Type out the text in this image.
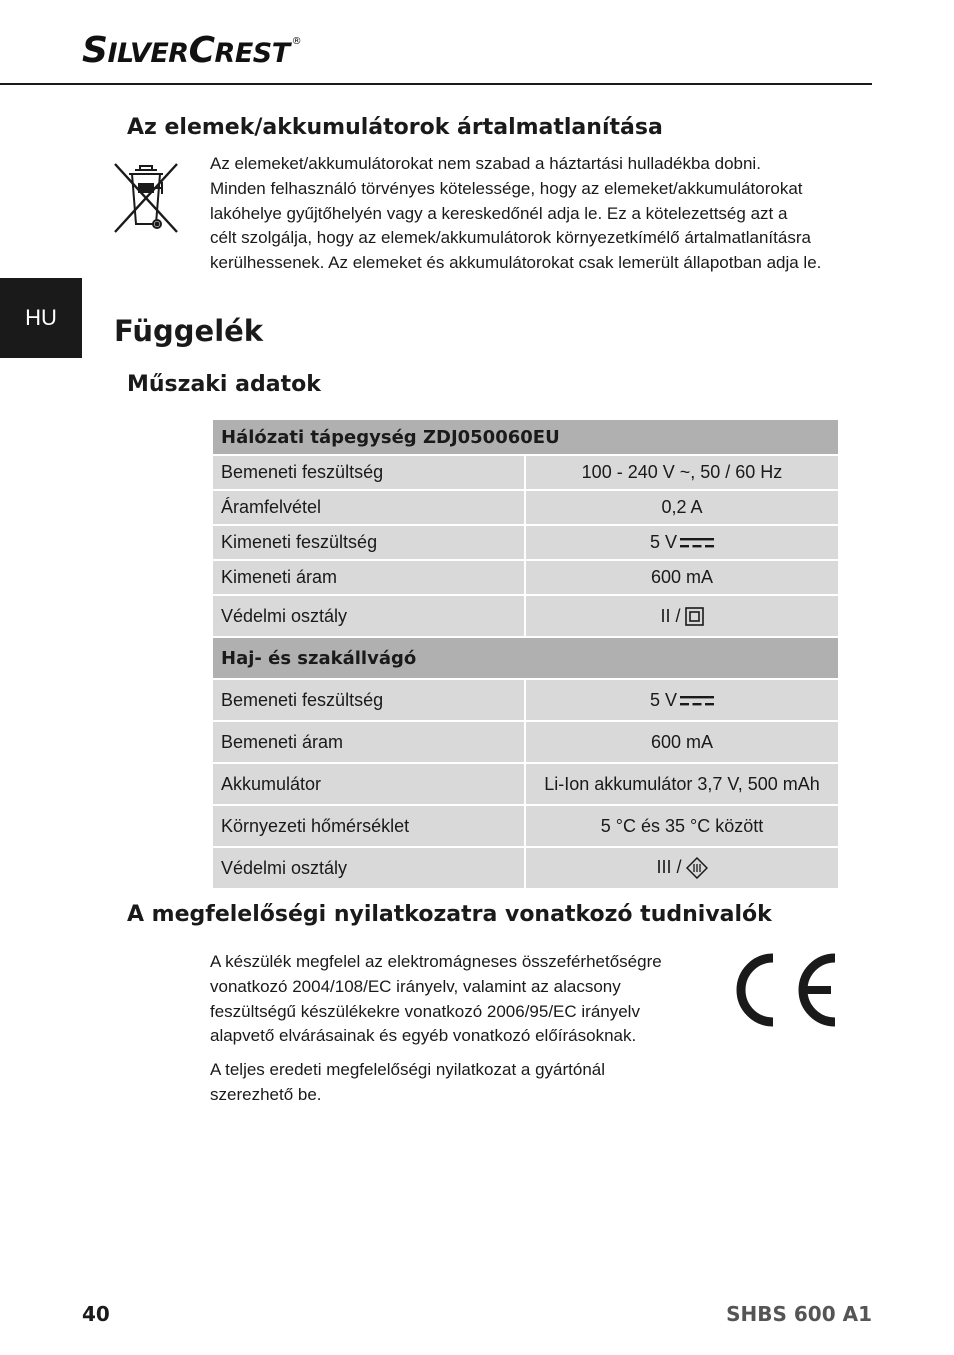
SILVERCREST ®
HU
Az elemek/akkumulátorok ártalmatlanítása
Az elemeket/akkumulátorokat nem szabad a háztartási hulladékba dobni.
Minden felhasználó törvényes kötelessége, hogy az elemeket/akkumulátorokat
lakóhelye gyűjtőhelyén vagy a kereskedőnél adja le. Ez a kötelezettség azt a
célt szolgálja, hogy az elemek/akkumulátorok környezetkímélő ártalmatlanításra
kerülhessenek. Az elemeket és akkumulátorokat csak lemerült állapotban adja le.
Függelék
Műszaki adatok
Hálózati tápegység ZDJ050060EU	
Bemeneti feszültség	100 - 240 V ~, 50 / 60 Hz
Áramfelvétel	0,2 A
Kimeneti feszültség	5 V
Kimeneti áram	600 mA
Védelmi osztály	II /
Haj- és szakállvágó	
Bemeneti feszültség	5 V
Bemeneti áram	600 mA
Akkumulátor	Li-Ion akkumulátor 3,7 V, 500 mAh
Környezeti hőmérséklet	5 °C és 35 °C között
Védelmi osztály	III /
A megfelelőségi nyilatkozatra vonatkozó tudnivalók
A készülék megfelel az elektromágneses összeférhetőségre
vonatkozó 2004/108/EC irányelv, valamint az alacsony
feszültségű készülékekre vonatkozó 2006/95/EC irányelv
alapvető elvárásainak és egyéb vonatkozó előírásoknak.
A teljes eredeti megfelelőségi nyilatkozat a gyártónál
szerezhető be.
40	SHBS 600 A1
